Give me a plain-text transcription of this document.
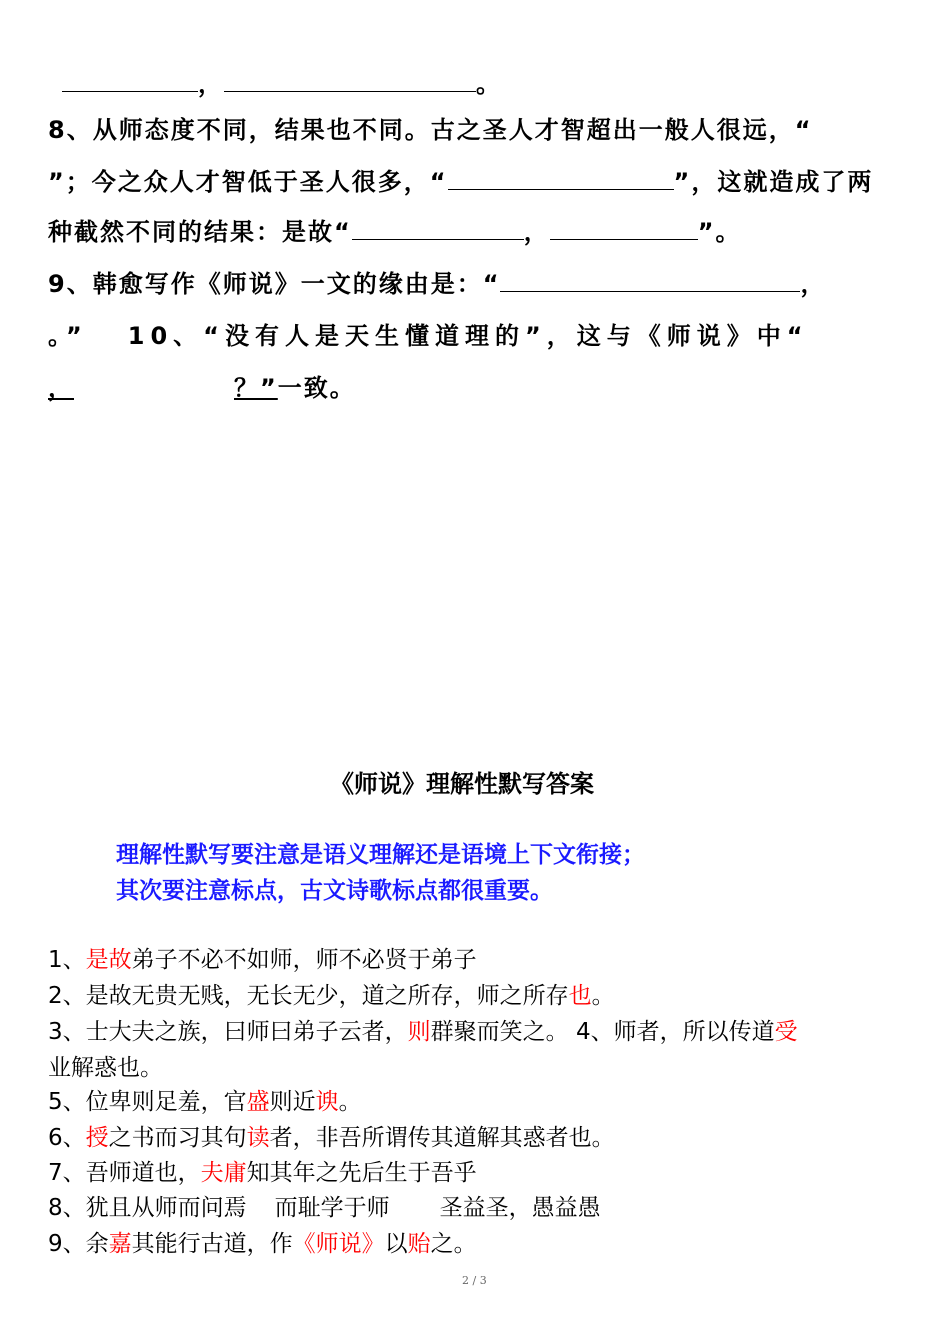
，	。
8、从师态度不同，结果也不同。古之圣人才智超出一般人很远，“
”；今之众人才智低于圣人很多，“	”，这就造成了两
种截然不同的结果：是故“	，	”。
9、韩愈写作《师说》一文的缘由是：“	，
。” 10、“没有人是天生懂道理的”，这与《师说》中“
，	？”一致。
《师说》理解性默写答案
理解性默写要注意是语义理解还是语境上下文衔接；
其次要注意标点，古文诗歌标点都很重要。
1、是故弟子不必不如师，师不必贤于弟子
2、是故无贵无贱，无长无少，道之所存，师之所存也。
3、士大夫之族，曰师曰弟子云者，则群聚而笑之。 4、师者，所以传道受
业解惑也。
5、位卑则足羞，官盛则近谀。
6、授之书而习其句读者，非吾所谓传其道解其惑者也。
7、吾师道也，夫庸知其年之先后生于吾乎
8、犹且从师而问焉 而耻学于师 圣益圣，愚益愚
9、余嘉其能行古道，作《师说》以贻之。
2 / 3
